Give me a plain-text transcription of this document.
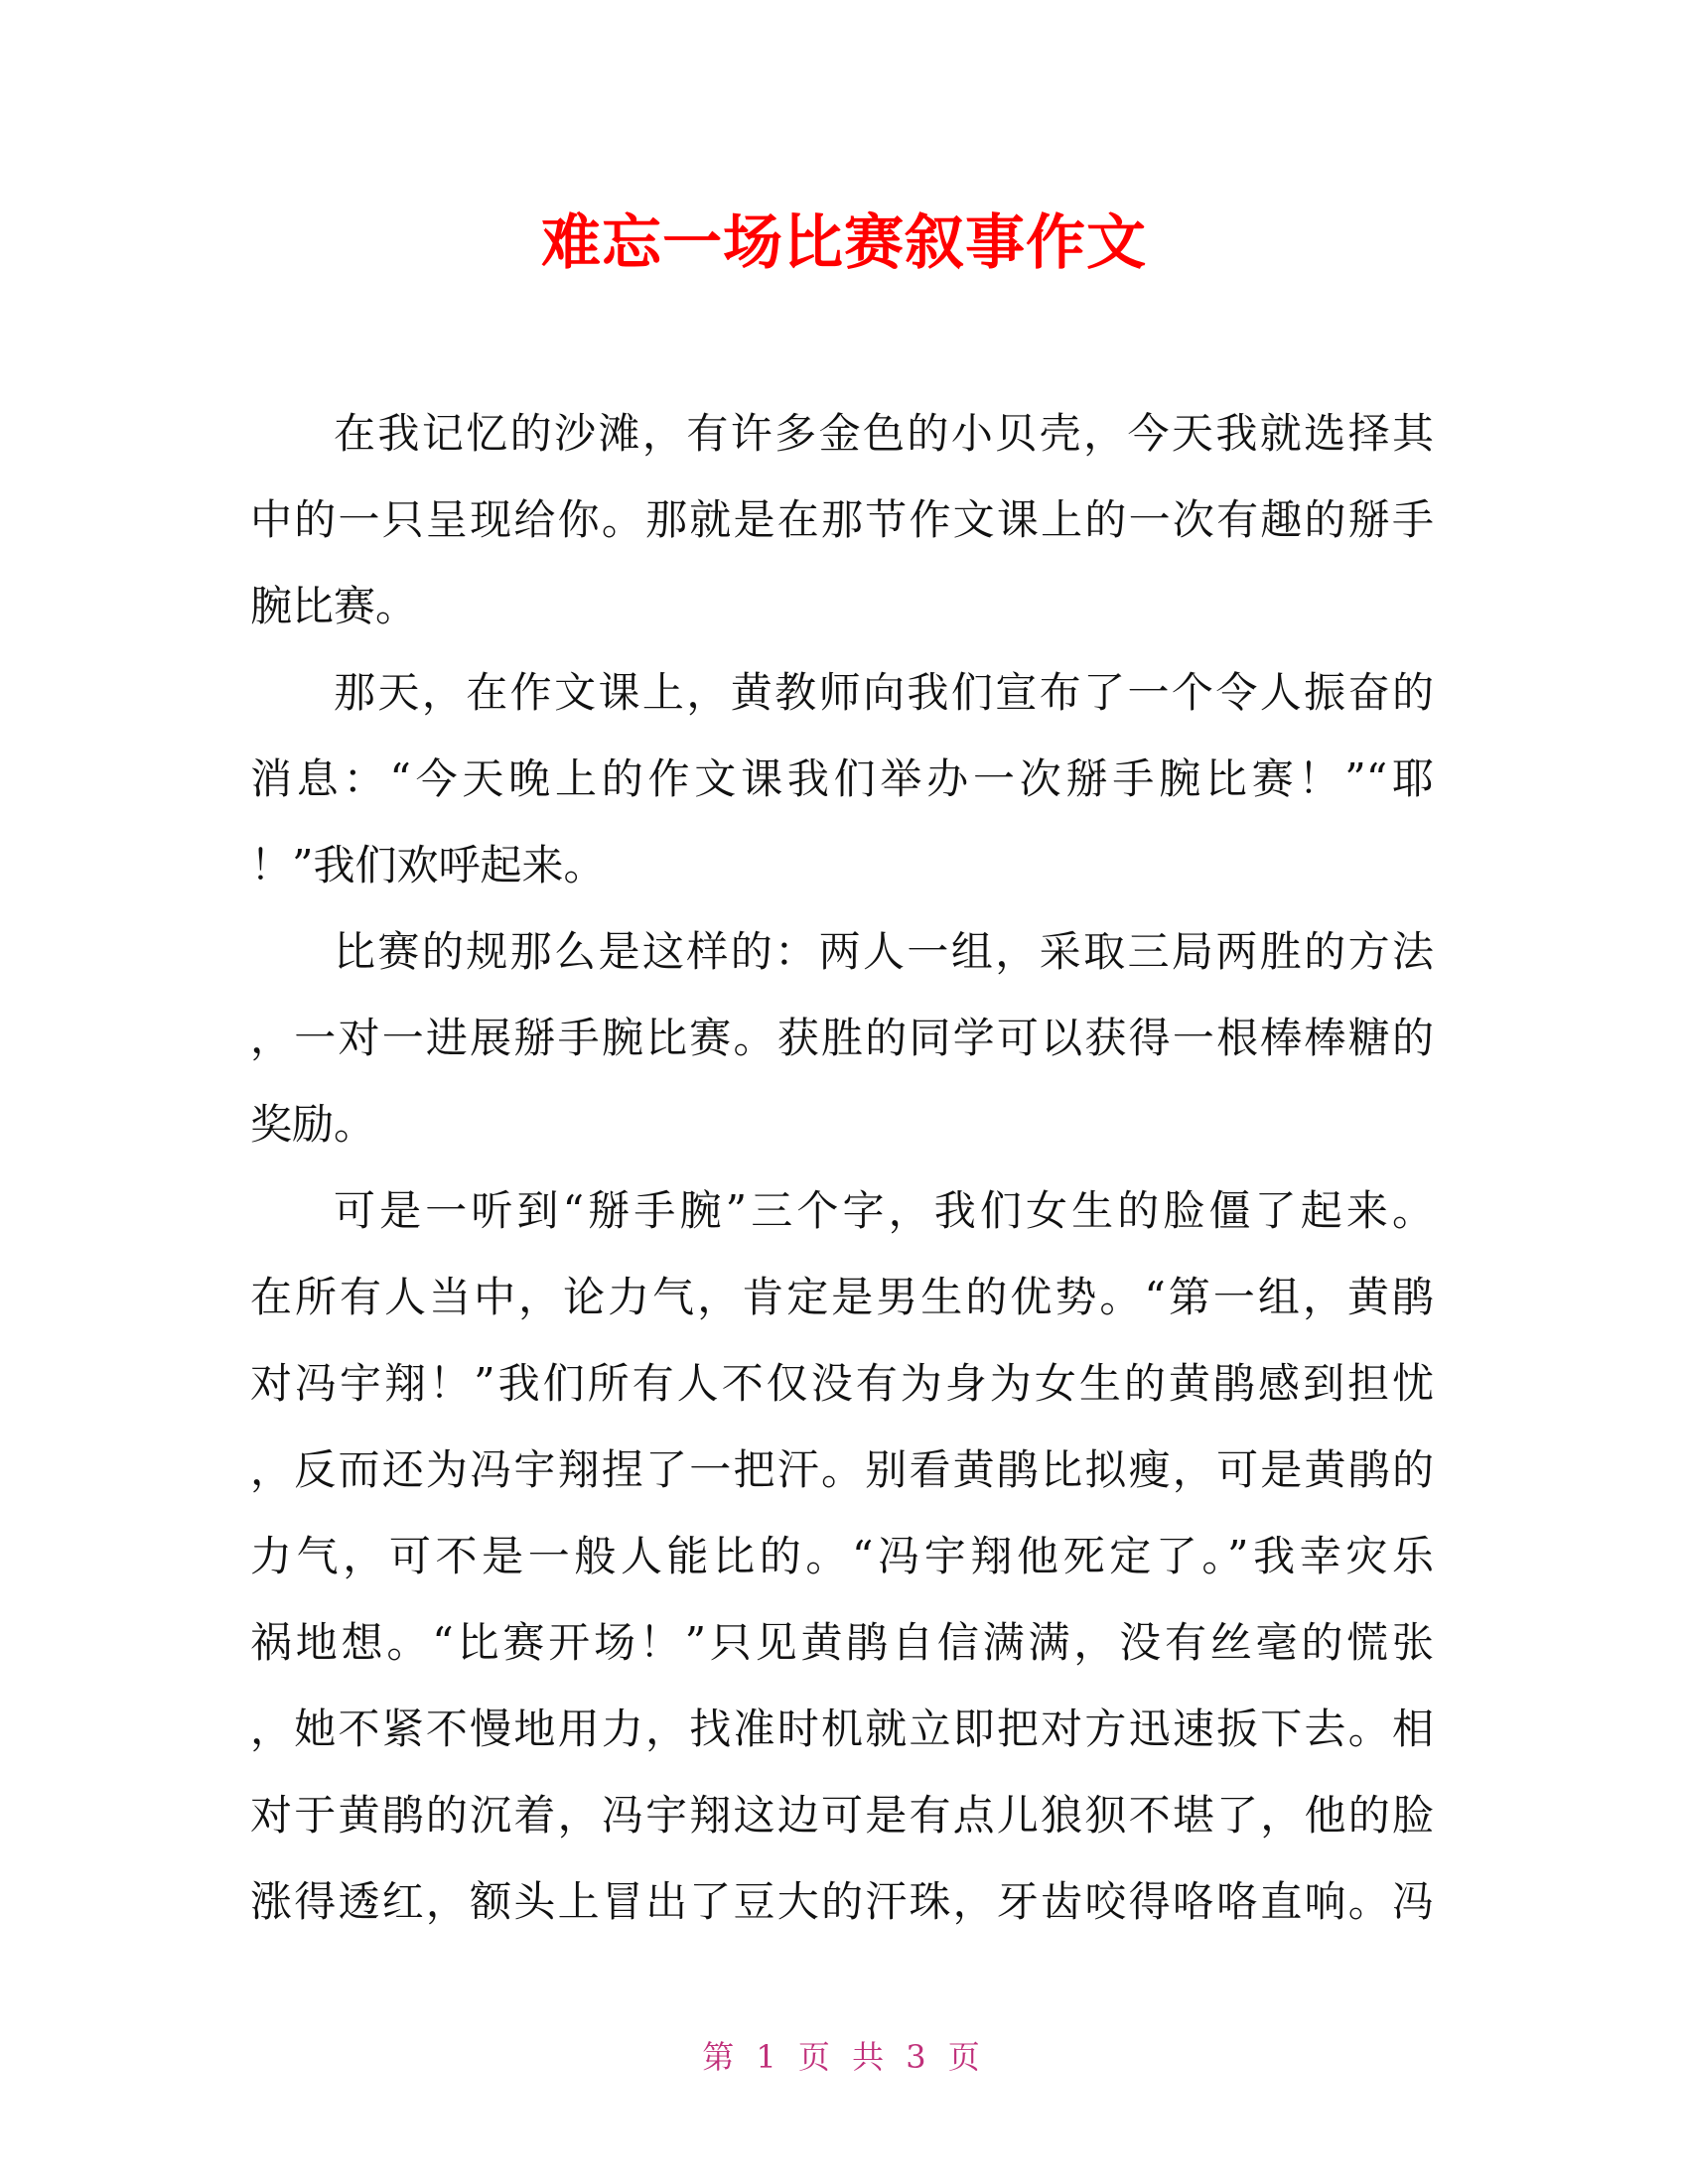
难忘一场比赛叙事作文
在我记忆的沙滩，有许多金色的小贝壳，今天我就选择其
中的一只呈现给你。那就是在那节作文课上的一次有趣的掰手
腕比赛。
那天，在作文课上，黄教师向我们宣布了一个令人振奋的
消息：“今天晚上的作文课我们举办一次掰手腕比赛！”“耶
！”我们欢呼起来。
比赛的规那么是这样的：两人一组，采取三局两胜的方法
，一对一进展掰手腕比赛。获胜的同学可以获得一根棒棒糖的
奖励。
可是一听到“掰手腕”三个字，我们女生的脸僵了起来。
在所有人当中，论力气，肯定是男生的优势。“第一组，黄鹃
对冯宇翔！”我们所有人不仅没有为身为女生的黄鹃感到担忧
，反而还为冯宇翔捏了一把汗。别看黄鹃比拟瘦，可是黄鹃的
力气，可不是一般人能比的。“冯宇翔他死定了。”我幸灾乐
祸地想。“比赛开场！”只见黄鹃自信满满，没有丝毫的慌张
，她不紧不慢地用力，找准时机就立即把对方迅速扳下去。相
对于黄鹃的沉着，冯宇翔这边可是有点儿狼狈不堪了，他的脸
涨得透红，额头上冒出了豆大的汗珠，牙齿咬得咯咯直响。冯
第 1 页 共 3 页
